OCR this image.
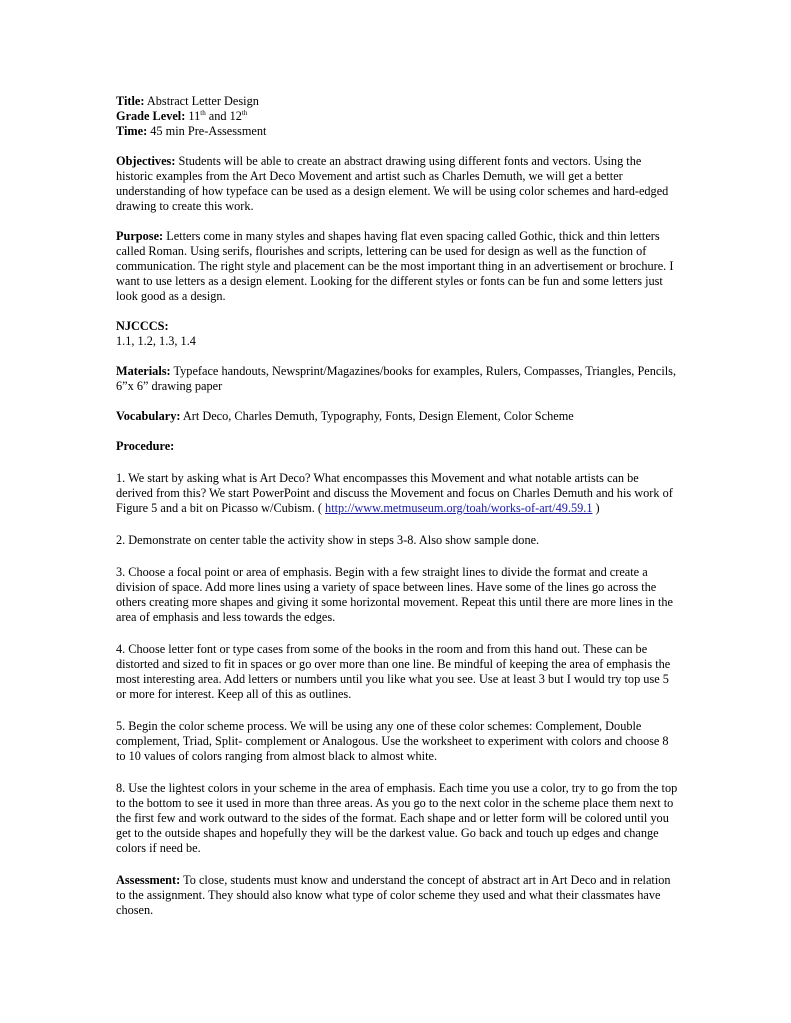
Title: Abstract Letter Design

Grade Level: 11th and 12th

Time: 45 min Pre-Assessment

Objectives: Students will be able to create an abstract drawing using different fonts and vectors. Using the historic examples from the Art Deco Movement and artist such as Charles Demuth, we will get a better understanding of how typeface can be used as a design element. We will be using color schemes and hard-edged drawing to create this work.

Purpose: Letters come in many styles and shapes having flat even spacing called Gothic, thick and thin letters called Roman. Using serifs, flourishes and scripts, lettering can be used for design as well as the function of communication. The right style and placement can be the most important thing in an advertisement or brochure. I want to use letters as a design element. Looking for the different styles or fonts can be fun and some letters just look good as a design.

NJCCCS:

1.1, 1.2, 1.3, 1.4

Materials: Typeface handouts, Newsprint/Magazines/books for examples, Rulers, Compasses, Triangles, Pencils, 6”x 6” drawing paper

Vocabulary: Art Deco, Charles Demuth, Typography, Fonts, Design Element, Color Scheme

Procedure:

1. We start by asking what is Art Deco? What encompasses this Movement and what notable artists can be derived from this? We start PowerPoint and discuss the Movement and focus on Charles Demuth and his work of Figure 5 and a bit on Picasso w/Cubism. ( http://www.metmuseum.org/toah/works-of-art/49.59.1 )

2. Demonstrate on center table the activity show in steps 3-8. Also show sample done.

3. Choose a focal point or area of emphasis. Begin with a few straight lines to divide the format and create a division of space. Add more lines using a variety of space between lines. Have some of the lines go across the others creating more shapes and giving it some horizontal movement. Repeat this until there are more lines in the area of emphasis and less towards the edges.

4. Choose letter font or type cases from some of the books in the room and from this hand out. These can be distorted and sized to fit in spaces or go over more than one line. Be mindful of keeping the area of emphasis the most interesting area. Add letters or numbers until you like what you see. Use at least 3 but I would try top use 5 or more for interest. Keep all of this as outlines.

5. Begin the color scheme process. We will be using any one of these color schemes: Complement, Double complement, Triad, Split- complement or Analogous. Use the worksheet to experiment with colors and choose 8 to 10 values of colors ranging from almost black to almost white.

8. Use the lightest colors in your scheme in the area of emphasis. Each time you use a color, try to go from the top to the bottom to see it used in more than three areas. As you go to the next color in the scheme place them next to the first few and work outward to the sides of the format. Each shape and or letter form will be colored until you get to the outside shapes and hopefully they will be the darkest value. Go back and touch up edges and change colors if need be.

Assessment: To close, students must know and understand the concept of abstract art in Art Deco and in relation to the assignment. They should also know what type of color scheme they used and what their classmates have chosen.
